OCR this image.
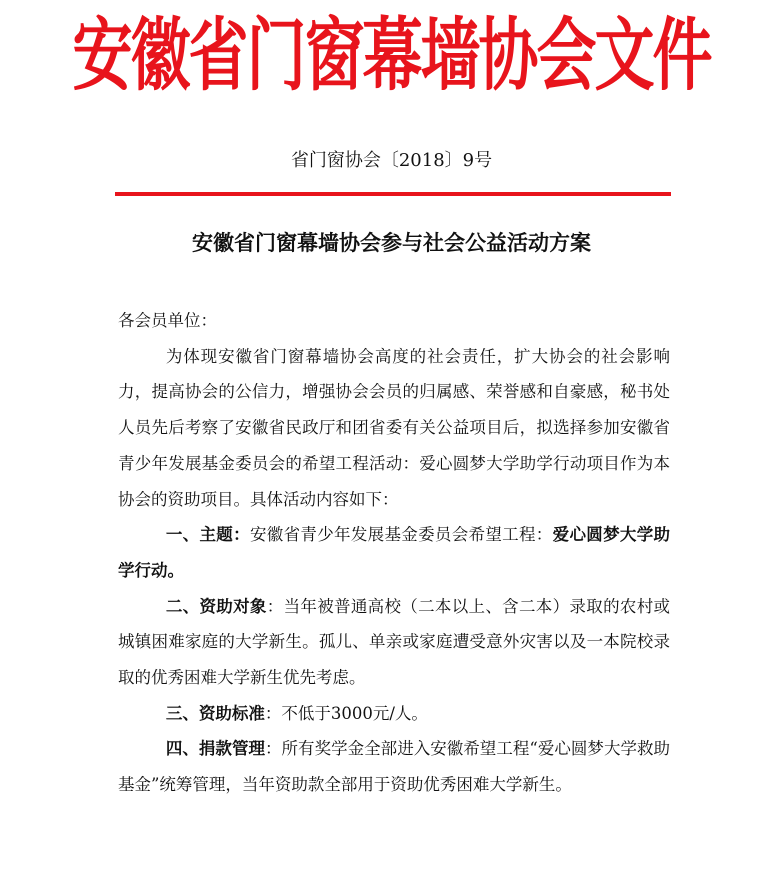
安徽省门窗幕墙协会文件
省门窗协会〔2018〕9号
安徽省门窗幕墙协会参与社会公益活动方案

各会员单位：

为体现安徽省门窗幕墙协会高度的社会责任，扩大协会的社会影响力，提高协会的公信力，增强协会会员的归属感、荣誉感和自豪感，秘书处人员先后考察了安徽省民政厅和团省委有关公益项目后，拟选择参加安徽省青少年发展基金委员会的希望工程活动：爱心圆梦大学助学行动项目作为本协会的资助项目。具体活动内容如下：

一、主题：安徽省青少年发展基金委员会希望工程：爱心圆梦大学助学行动。

二、资助对象：当年被普通高校（二本以上、含二本）录取的农村或城镇困难家庭的大学新生。孤儿、单亲或家庭遭受意外灾害以及一本院校录取的优秀困难大学新生优先考虑。

三、资助标准：不低于3000元/人。

四、捐款管理：所有奖学金全部进入安徽希望工程“爱心圆梦大学救助基金”统筹管理，当年资助款全部用于资助优秀困难大学新生。
